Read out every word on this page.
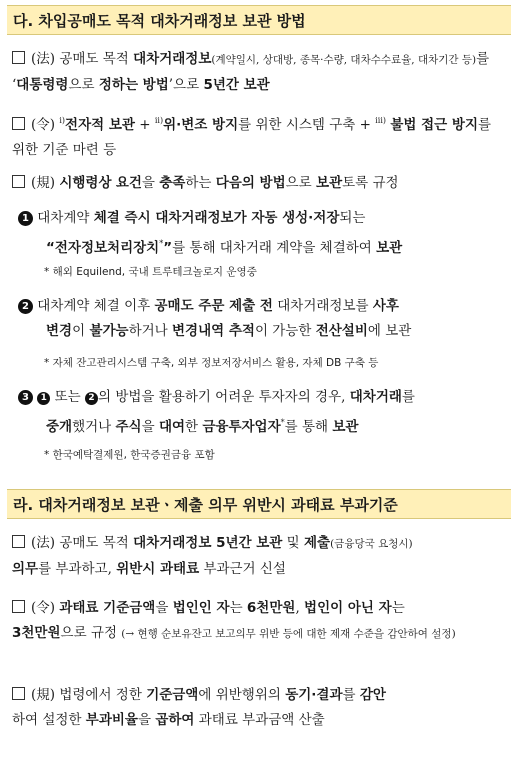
다. 차입공매도 목적 대차거래정보 보관 방법
(法) 공매도 목적 대차거래정보(계약일시, 상대방, 종목·수량, 대차수수료율, 대차기간 등)를 ‘대통령령으로 정하는 방법’으로 5년간 보관
(令) $^{i)}$전자적 보관 + $^{ii)}$위·변조 방지를 위한 시스템 구축 + $^{iii)}$ 불법 접근 방지를 위한 기준 마련 등
(規) 시행령상 요건을 충족하는 다음의 방법으로 보관토록 규정
1 대차계약 체결 즉시 대차거래정보가 자동 생성·저장되는
“전자정보처리장치*”를 통해 대차거래 계약을 체결하여 보관
* 해외 Equilend, 국내 트루테크놀로지 운영중
2 대차계약 체결 이후 공매도 주문 제출 전 대차거래정보를 사후
변경이 불가능하거나 변경내역 추적이 가능한 전산설비에 보관
* 자체 잔고관리시스템 구축, 외부 정보저장서비스 활용, 자체 DB 구축 등
3 1 또는 2 의 방법을 활용하기 어려운 투자자의 경우, 대차거래를
중개했거나 주식을 대여한 금융투자업자*를 통해 보관
* 한국예탁결제원, 한국증권금융 포함
라. 대차거래정보 보관ㆍ제출 의무 위반시 과태료 부과기준
(法) 공매도 목적 대차거래정보 5년간 보관 및 제출(금융당국 요청시)
의무를 부과하고, 위반시 과태료 부과근거 신설
(令) 과태료 기준금액을 법인인 자는 6천만원, 법인이 아닌 자는
3천만원으로 규정 (→ 현행 순보유잔고 보고의무 위반 등에 대한 제재 수준을 감안하여 설정)
(規) 법령에서 정한 기준금액에 위반행위의 동기·결과를 감안
하여 설정한 부과비율을 곱하여 과태료 부과금액 산출
